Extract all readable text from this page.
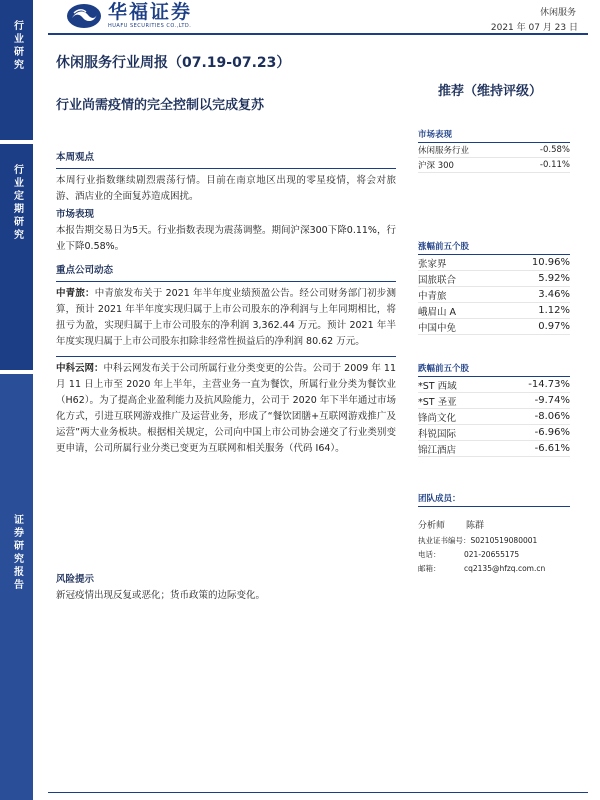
华福证券
HUAFU SECURITIES CO.,LTD.
休闲服务
2021 年 07 月 23 日
行业研究
行业定期研究
证券研究报告
休闲服务行业周报（07.19-07.23）
行业尚需疫情的完全控制以完成复苏
推荐（维持评级）
本周观点
本周行业指数继续剧烈震荡行情。目前在南京地区出现的零星疫情，将会对旅游、酒店业的全面复苏造成困扰。
市场表现
本报告期交易日为5天。行业指数表现为震荡调整。期间沪深300下降0.11%，行业下降0.58%。
重点公司动态
中青旅：中青旅发布关于 2021 年半年度业绩预盈公告。经公司财务部门初步测算，预计 2021 年半年度实现归属于上市公司股东的净利润与上年同期相比，将扭亏为盈，实现归属于上市公司股东的净利润 3,362.44 万元。预计 2021 年半年度实现归属于上市公司股东扣除非经常性损益后的净利润 80.62 万元。
中科云网：中科云网发布关于公司所属行业分类变更的公告。公司于 2009 年 11 月 11 日上市至 2020 年上半年，主营业务一直为餐饮，所属行业分类为餐饮业（H62）。为了提高企业盈利能力及抗风险能力，公司于 2020 年下半年通过市场化方式，引进互联网游戏推广及运营业务，形成了“餐饮团膳+互联网游戏推广及运营”两大业务板块。根据相关规定，公司向中国上市公司协会递交了行业类别变更申请，公司所属行业分类已变更为互联网和相关服务（代码 I64）。
风险提示
新冠疫情出现反复或恶化；货币政策的边际变化。
市场表现
休闲服务行业	-0.58%
沪深 300	-0.11%
涨幅前五个股
张家界	10.96%
国旅联合	5.92%
中青旅	3.46%
峨眉山 A	1.12%
中国中免	0.97%
跌幅前五个股
*ST 西域	-14.73%
*ST 圣亚	-9.74%
锋尚文化	-8.06%
科锐国际	-6.96%
锦江酒店	-6.61%
团队成员：
分析师	陈群
执业证书编号： S0210519080001
电话：	021-20655175
邮箱：	cq2135@hfzq.com.cn
